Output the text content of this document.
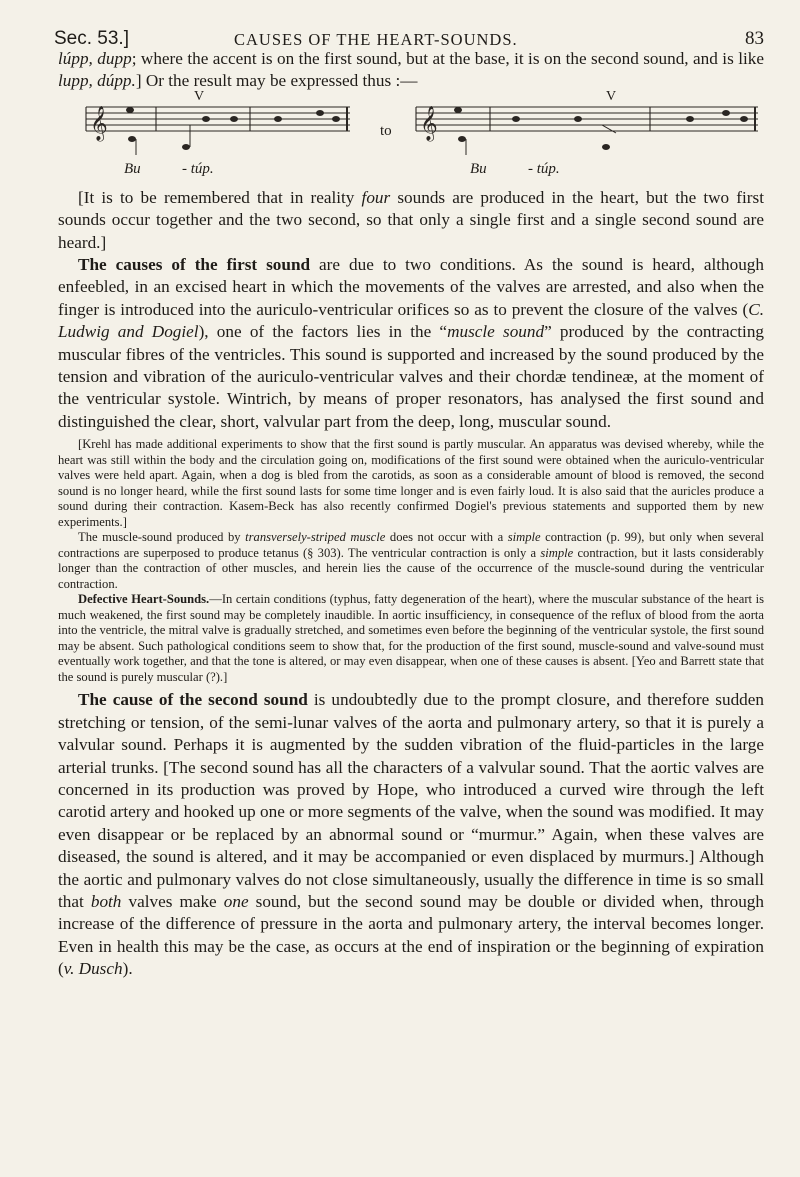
Sec. 53.]	CAUSES OF THE HEART-SOUNDS.	83

lúpp, dupp; where the accent is on the first sound, but at the base, it is on the second sound, and is like lupp, dúpp.] Or the result may be expressed thus :—

V	V
𝄞	𝄞
to
Bu	- túp.	Bu	- túp.

[It is to be remembered that in reality four sounds are produced in the heart, but the two first sounds occur together and the two second, so that only a single first and a single second sound are heard.]

The causes of the first sound are due to two conditions. As the sound is heard, although enfeebled, in an excised heart in which the movements of the valves are arrested, and also when the finger is introduced into the auriculo-ventricular orifices so as to prevent the closure of the valves (C. Ludwig and Dogiel), one of the factors lies in the “muscle sound” produced by the contracting muscular fibres of the ventricles. This sound is supported and increased by the sound produced by the tension and vibration of the auriculo-ventricular valves and their chordæ tendineæ, at the moment of the ventricular systole. Wintrich, by means of proper resonators, has analysed the first sound and distinguished the clear, short, valvular part from the deep, long, muscular sound.

[Krehl has made additional experiments to show that the first sound is partly muscular. An apparatus was devised whereby, while the heart was still within the body and the circulation going on, modifications of the first sound were obtained when the auriculo-ventricular valves were held apart. Again, when a dog is bled from the carotids, as soon as a considerable amount of blood is removed, the second sound is no longer heard, while the first sound lasts for some time longer and is even fairly loud. It is also said that the auricles produce a sound during their contraction. Kasem-Beck has also recently confirmed Dogiel's previous statements and supported them by new experiments.]

The muscle-sound produced by transversely-striped muscle does not occur with a simple contraction (p. 99), but only when several contractions are superposed to produce tetanus (§ 303). The ventricular contraction is only a simple contraction, but it lasts considerably longer than the contraction of other muscles, and herein lies the cause of the occurrence of the muscle-sound during the ventricular contraction.

Defective Heart-Sounds.—In certain conditions (typhus, fatty degeneration of the heart), where the muscular substance of the heart is much weakened, the first sound may be completely inaudible. In aortic insufficiency, in consequence of the reflux of blood from the aorta into the ventricle, the mitral valve is gradually stretched, and sometimes even before the beginning of the ventricular systole, the first sound may be absent. Such pathological conditions seem to show that, for the production of the first sound, muscle-sound and valve-sound must eventually work together, and that the tone is altered, or may even disappear, when one of these causes is absent. [Yeo and Barrett state that the sound is purely muscular (?).]

The cause of the second sound is undoubtedly due to the prompt closure, and therefore sudden stretching or tension, of the semi-lunar valves of the aorta and pulmonary artery, so that it is purely a valvular sound. Perhaps it is augmented by the sudden vibration of the fluid-particles in the large arterial trunks. [The second sound has all the characters of a valvular sound. That the aortic valves are concerned in its production was proved by Hope, who introduced a curved wire through the left carotid artery and hooked up one or more segments of the valve, when the sound was modified. It may even disappear or be replaced by an abnormal sound or “murmur.” Again, when these valves are diseased, the sound is altered, and it may be accompanied or even displaced by murmurs.] Although the aortic and pulmonary valves do not close simultaneously, usually the difference in time is so small that both valves make one sound, but the second sound may be double or divided when, through increase of the difference of pressure in the aorta and pulmonary artery, the interval becomes longer. Even in health this may be the case, as occurs at the end of inspiration or the beginning of expiration (v. Dusch).
